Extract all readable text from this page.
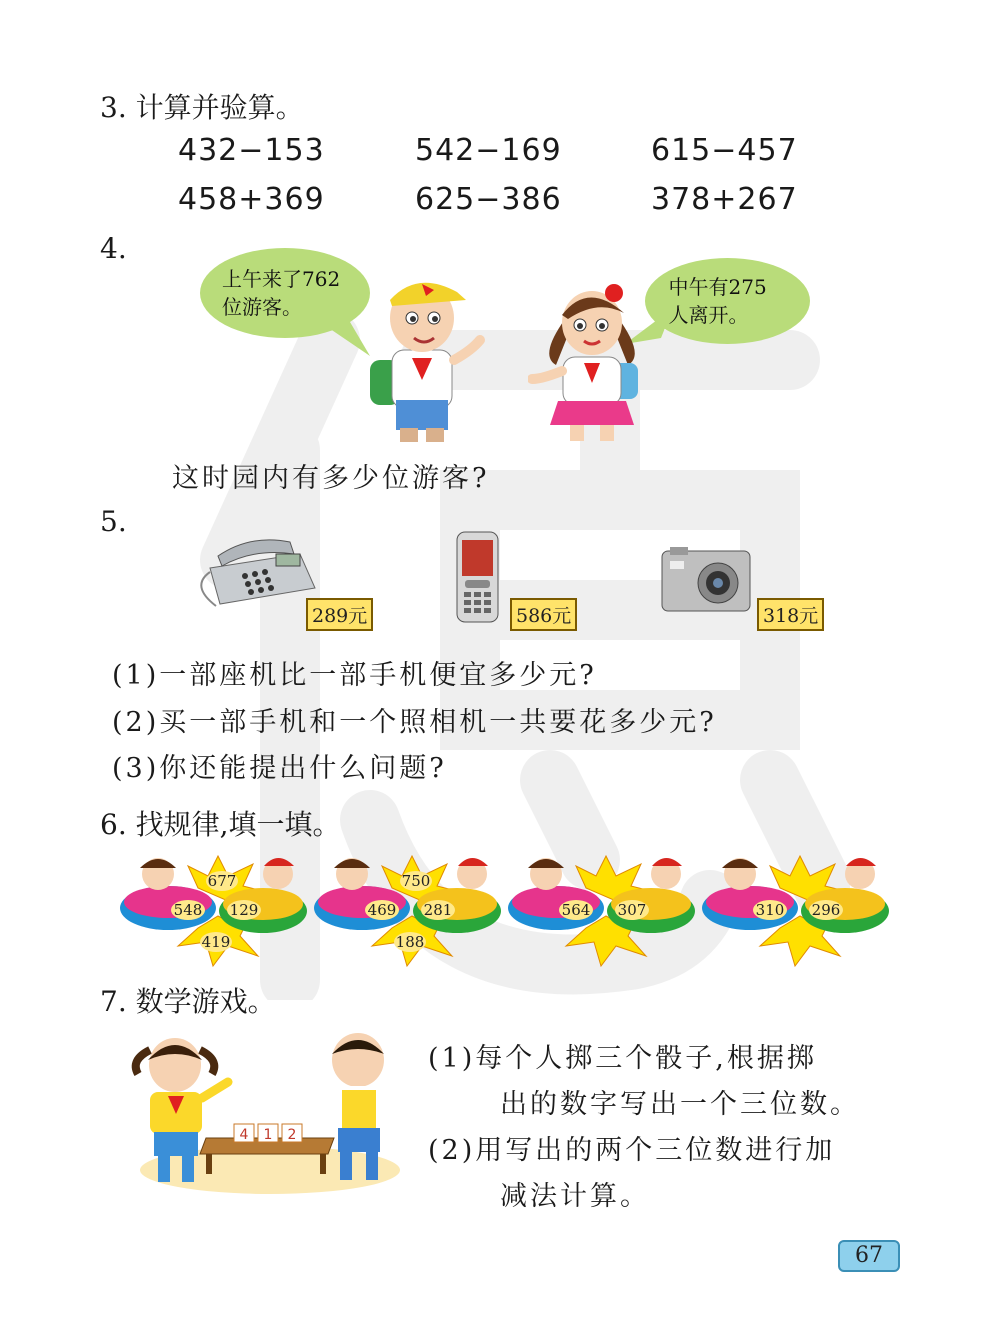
3. 计算并验算。
432−153	542−169	615−457
458+369	625−386	378+267
4.
上午来了762位游客。
中午有275人离开。
这时园内有多少位游客?
5.
289元	586元	318元
(1)一部座机比一部手机便宜多少元?
(2)买一部手机和一个照相机一共要花多少元?
(3)你还能提出什么问题?
6. 找规律,填一填。
677
548 129
419
750
469 281
188
564 307	310 296
7. 数学游戏。
4 1 2
(1)每个人掷三个骰子,根据掷
出的数字写出一个三位数。
(2)用写出的两个三位数进行加
减法计算。
67
